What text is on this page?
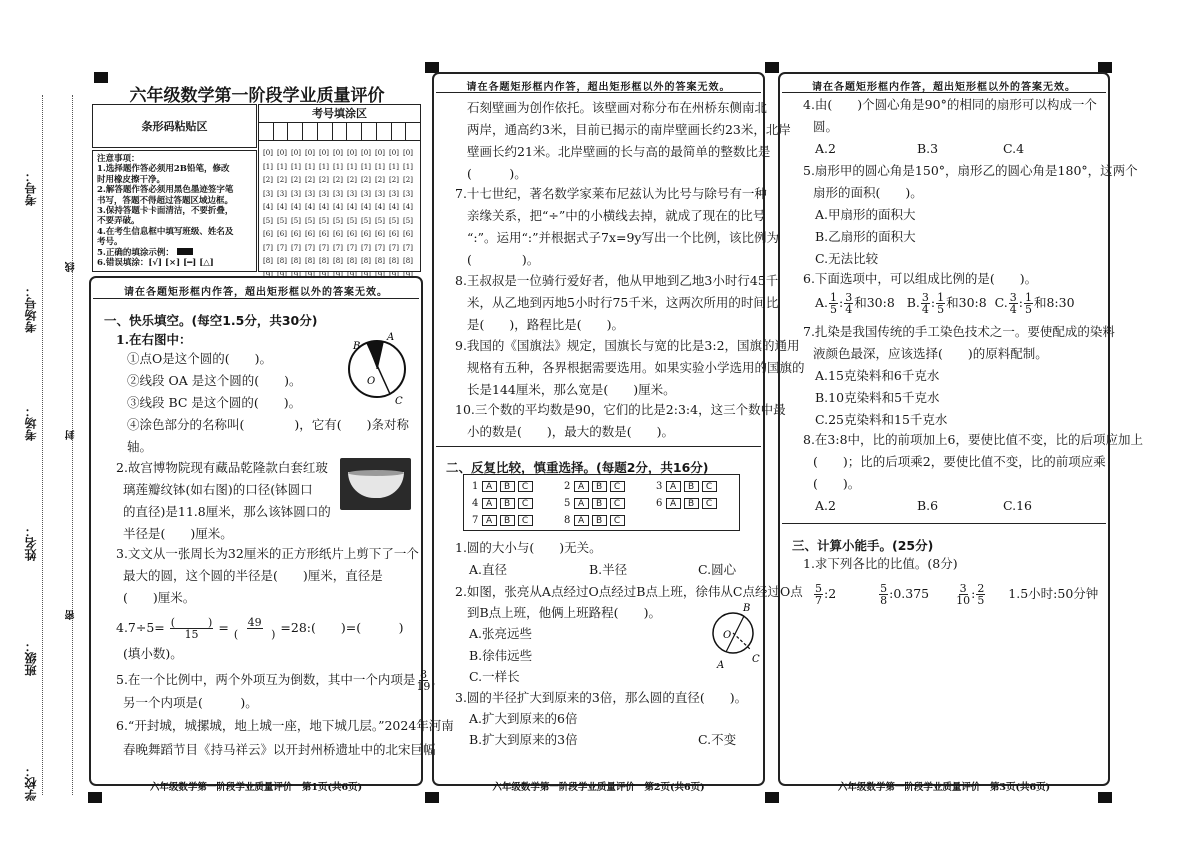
考号：
考场号：
考场：
姓名：
班级：
学校：
线
封
密
六年级数学第一阶段学业质量评价
条形码粘贴区
考号填涂区
[0] [0] [0] [0] [0] [0] [0] [0] [0] [0] [0]
[1] [1] [1] [1] [1] [1] [1] [1] [1] [1] [1]
[2] [2] [2] [2] [2] [2] [2] [2] [2] [2] [2]
[3] [3] [3] [3] [3] [3] [3] [3] [3] [3] [3]
[4] [4] [4] [4] [4] [4] [4] [4] [4] [4] [4]
[5] [5] [5] [5] [5] [5] [5] [5] [5] [5] [5]
[6] [6] [6] [6] [6] [6] [6] [6] [6] [6] [6]
[7] [7] [7] [7] [7] [7] [7] [7] [7] [7] [7]
[8] [8] [8] [8] [8] [8] [8] [8] [8] [8] [8]
[9] [9] [9] [9] [9] [9] [9] [9] [9] [9] [9]
注意事项：
1.选择题作答必须用2B铅笔，修改
时用橡皮擦干净。
2.解答题作答必须用黑色墨迹签字笔
书写，答题不得超过答题区域边框。
3.保持答题卡卡面清洁，不要折叠，
不要弄破。
4.在考生信息框中填写班级、姓名及
考号。
5.正确的填涂示例：
6.错误填涂：[√] [×] [━] [△]
请在各题矩形框内作答，超出矩形框以外的答案无效。
一、快乐填空。(每空1.5分，共30分)
1.在右图中：
①点O是这个圆的(　　)。
②线段 OA 是这个圆的(　　)。
③线段 BC 是这个圆的(　　)。
④涂色部分的名称叫(　　　　)，它有(　　)条对称
轴。
B
A
O
C
2.故宫博物院现有藏品乾隆款白套红玻
璃莲瓣纹钵(如右图)的口径(钵圆口
的直径)是11.8厘米，那么该钵圆口的
半径是(　　)厘米。
3.文文从一张周长为32厘米的正方形纸片上剪下了一个
最大的圆，这个圆的半径是(　　)厘米，直径是
(　　)厘米。
$4.7\div 5= \frac{( )}{15} = \frac{49}{( )}$ =28:(　　 )=(　　　	)
(填小数)。
5.在一个比例中，两个外项互为倒数，其中一个内项是 $\frac{8}{19}$ ，
另一个内项是(　　　)。
6.“开封城，城摞城，地上城一座，地下城几层。”2024年河南
春晚舞蹈节目《持马祥云》以开封州桥遗址中的北宋巨幅
六年级数学第一阶段学业质量评价　第1页(共6页)
请在各题矩形框内作答，超出矩形框以外的答案无效。
石刻壁画为创作依托。该壁画对称分布在州桥东侧南北
两岸，通高约3米，目前已揭示的南岸壁画长约23米，北岸
壁画长约21米。北岸壁画的长与高的最简单的整数比是
(　　　)。
7.十七世纪，著名数学家莱布尼兹认为比号与除号有一种
亲缘关系，把“÷”中的小横线去掉，就成了现在的比号
“:”。运用“:”并根据式子7x=9y写出一个比例，该比例为
(　　　　)。
8.王叔叔是一位骑行爱好者，他从甲地到乙地3小时行45千
米，从乙地到丙地5小时行75千米，这两次所用的时间比
是(　　)，路程比是(　　)。
9.我国的《国旗法》规定，国旗长与宽的比是3:2，国旗的通用
规格有五种，各界根据需要选用。如果实验小学选用的国旗的
长是144厘米，那么宽是(　　)厘米。
10.三个数的平均数是90，它们的比是2:3:4，这三个数中最
小的数是(　　)，最大的数是(　　)。
二、反复比较，慎重选择。(每题2分，共16分)
1 A B C	2 A B C	3 A B C
4 A B C	5 A B C	6 A B C
7 A B C	8 A B C
1.圆的大小与(　　)无关。
A.直径	B.半径	C.圆心
2.如图，张亮从A点经过O点经过B点上班，徐伟从C点经过O点
到B点上班，他俩上班路程(　　)。
A.张亮远些
B.徐伟远些
C.一样长
B
O
A
C
3.圆的半径扩大到原来的3倍，那么圆的直径(　　)。
A.扩大到原来的6倍
B.扩大到原来的3倍	C.不变
六年级数学第一阶段学业质量评价　第2页(共6页)
请在各题矩形框内作答，超出矩形框以外的答案无效。
4.由(　　)个圆心角是90°的相同的扇形可以构成一个
圆。
A.2	B.3	C.4
5.扇形甲的圆心角是150°，扇形乙的圆心角是180°，这两个
扇形的面积(　　)。
A.甲扇形的面积大
B.乙扇形的面积大
C.无法比较
6.下面选项中，可以组成比例的是(　　)。
A. $\frac{1}{5}$ : $\frac{3}{4}$ 和30:8 B. $\frac{3}{4}$ : $\frac{1}{5}$ 和30:8 C. $\frac{3}{4}$ : $\frac{1}{5}$ 和8:30
7.扎染是我国传统的手工染色技术之一。要使配成的染料
液颜色最深，应该选择(　　)的原料配制。
A.15克染料和6千克水
B.10克染料和5千克水
C.25克染料和15千克水
8.在3:8中，比的前项加上6，要使比值不变，比的后项应加上
(　　)；比的后项乘2，要使比值不变，比的前项应乘
(　　)。
A.2	B.6	C.16
三、计算小能手。(25分)
1.求下列各比的比值。(8分)
$\frac{5}{7}$ :2	$\frac{5}{8}$ :0.375 $\frac{3}{10}$ : $\frac{2}{5} 1.5$小时:50分钟
六年级数学第一阶段学业质量评价　第3页(共6页)
